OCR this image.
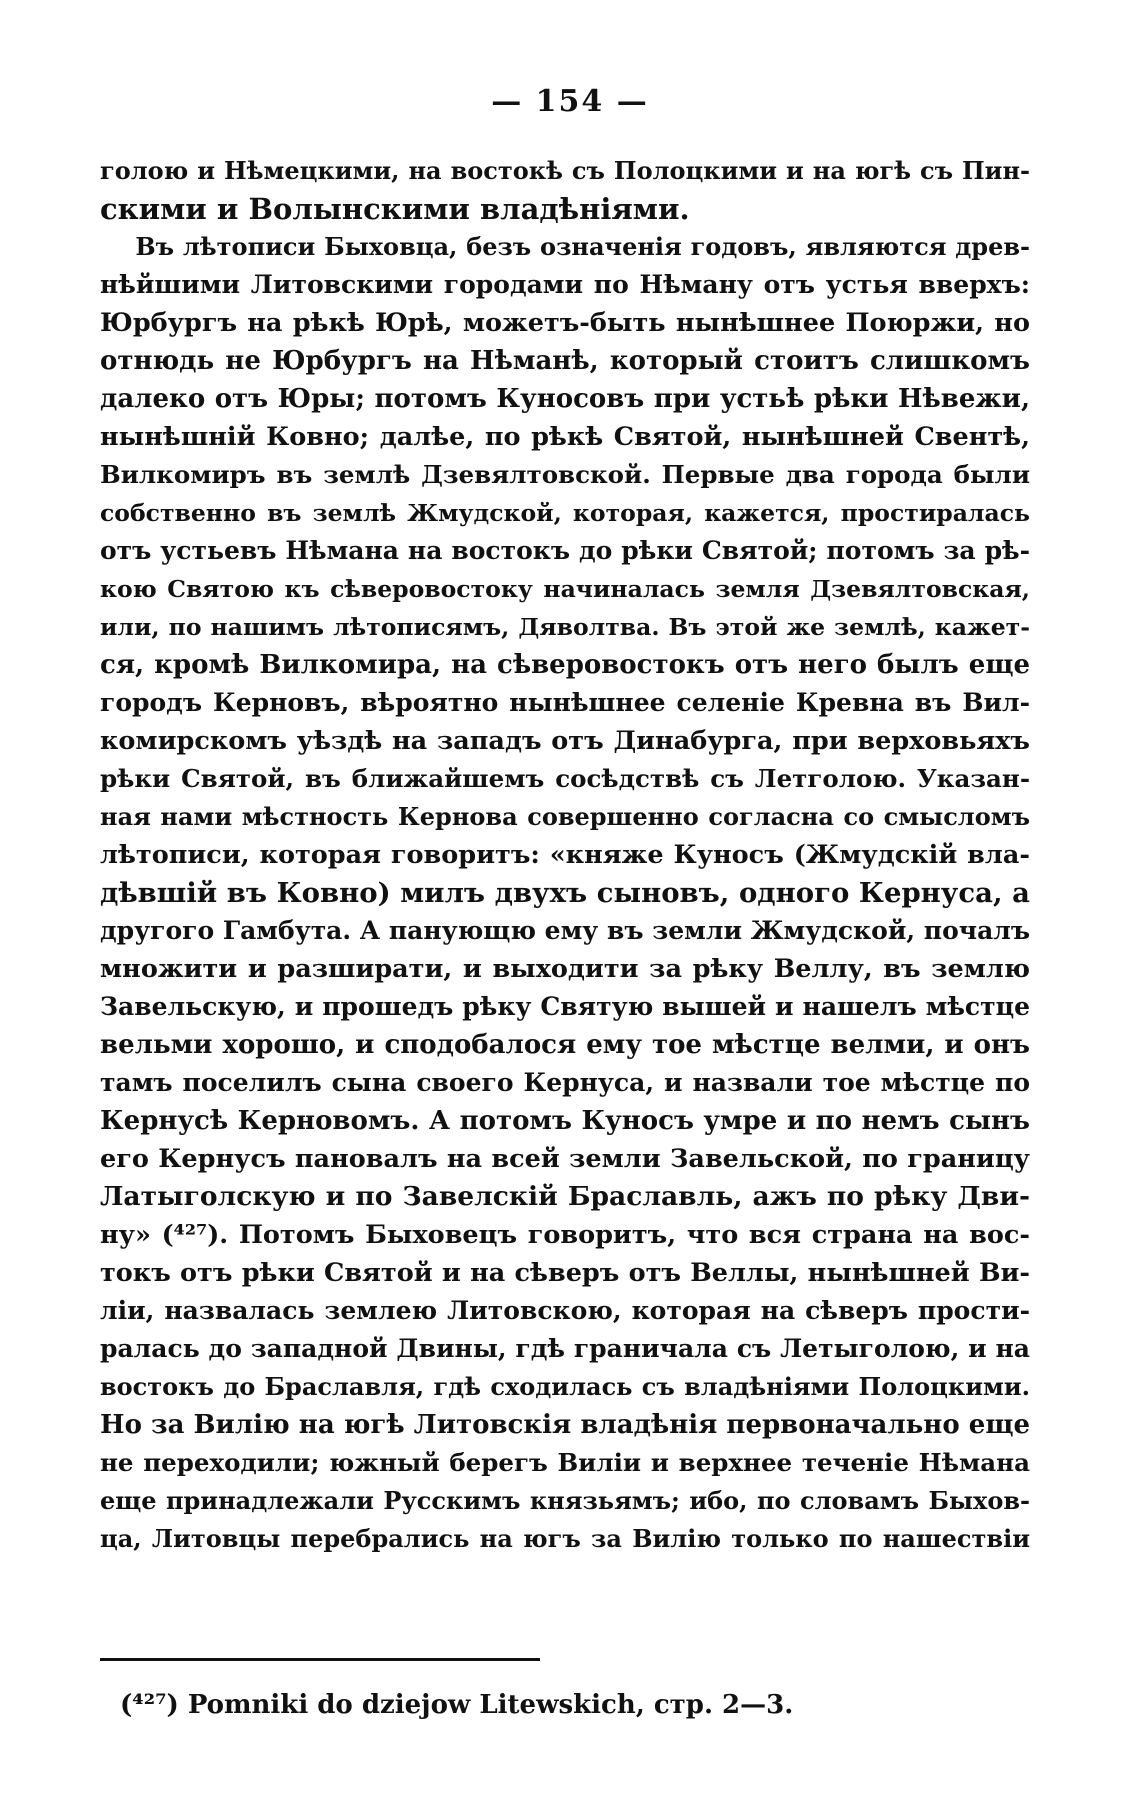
— 154 —
голою и Нѣмецкими, на востокѣ съ Полоцкими и на югѣ съ Пин-
скими и Волынскими владѣніями.
Въ лѣтописи Быховца, безъ означенія годовъ, являются древ-
нѣйшими Литовскими городами по Нѣману отъ устья вверхъ:
Юрбургъ на рѣкѣ Юрѣ, можетъ-быть нынѣшнее Поюржи, но
отнюдь не Юрбургъ на Нѣманѣ, который стоитъ слишкомъ
далеко отъ Юры; потомъ Куносовъ при устьѣ рѣки Нѣвежи,
нынѣшній Ковно; далѣе, по рѣкѣ Святой, нынѣшней Свентѣ,
Вилкомиръ въ землѣ Дзевялтовской. Первые два города были
собственно въ землѣ Жмудской, которая, кажется, простиралась
отъ устьевъ Нѣмана на востокъ до рѣки Святой; потомъ за рѣ-
кою Святою къ сѣверовостоку начиналась земля Дзевялтовская,
или, по нашимъ лѣтописямъ, Дяволтва. Въ этой же землѣ, кажет-
ся, кромѣ Вилкомира, на сѣверовостокъ отъ него былъ еще
городъ Керновъ, вѣроятно нынѣшнее селеніе Кревна въ Вил-
комирскомъ уѣздѣ на западъ отъ Динабурга, при верховьяхъ
рѣки Святой, въ ближайшемъ сосѣдствѣ съ Летголою. Указан-
ная нами мѣстность Кернова совершенно согласна со смысломъ
лѣтописи, которая говоритъ: «княже Куносъ (Жмудскій вла-
дѣвшій въ Ковно) милъ двухъ сыновъ, одного Кернуса, а
другого Гамбута. А панующю ему въ земли Жмудской, почалъ
множити и разширати, и выходити за рѣку Веллу, въ землю
Завельскую, и прошедъ рѣку Святую вышей и нашелъ мѣстце
вельми хорошо, и сподобалося ему тое мѣстце велми, и онъ
тамъ поселилъ сына своего Кернуса, и назвали тое мѣстце по
Кернусѣ Керновомъ. А потомъ Куносъ умре и по немъ сынъ
его Кернусъ пановалъ на всей земли Завельской, по границу
Латыголскую и по Завелскій Браславль, ажъ по рѣку Дви-
ну» (⁴²⁷). Потомъ Быховецъ говоритъ, что вся страна на вос-
токъ отъ рѣки Святой и на сѣверъ отъ Веллы, нынѣшней Ви-
ліи, назвалась землею Литовскою, которая на сѣверъ прости-
ралась до западной Двины, гдѣ граничала съ Летыголою, и на
востокъ до Браславля, гдѣ сходилась съ владѣніями Полоцкими.
Но за Вилію на югѣ Литовскія владѣнія первоначально еще
не переходили; южный берегъ Виліи и верхнее теченіе Нѣмана
еще принадлежали Русскимъ князьямъ; ибо, по словамъ Быхов-
ца, Литовцы перебрались на югъ за Вилію только по нашествіи
(⁴²⁷) Pomniki do dziejow Litewskich, стр. 2—3.
